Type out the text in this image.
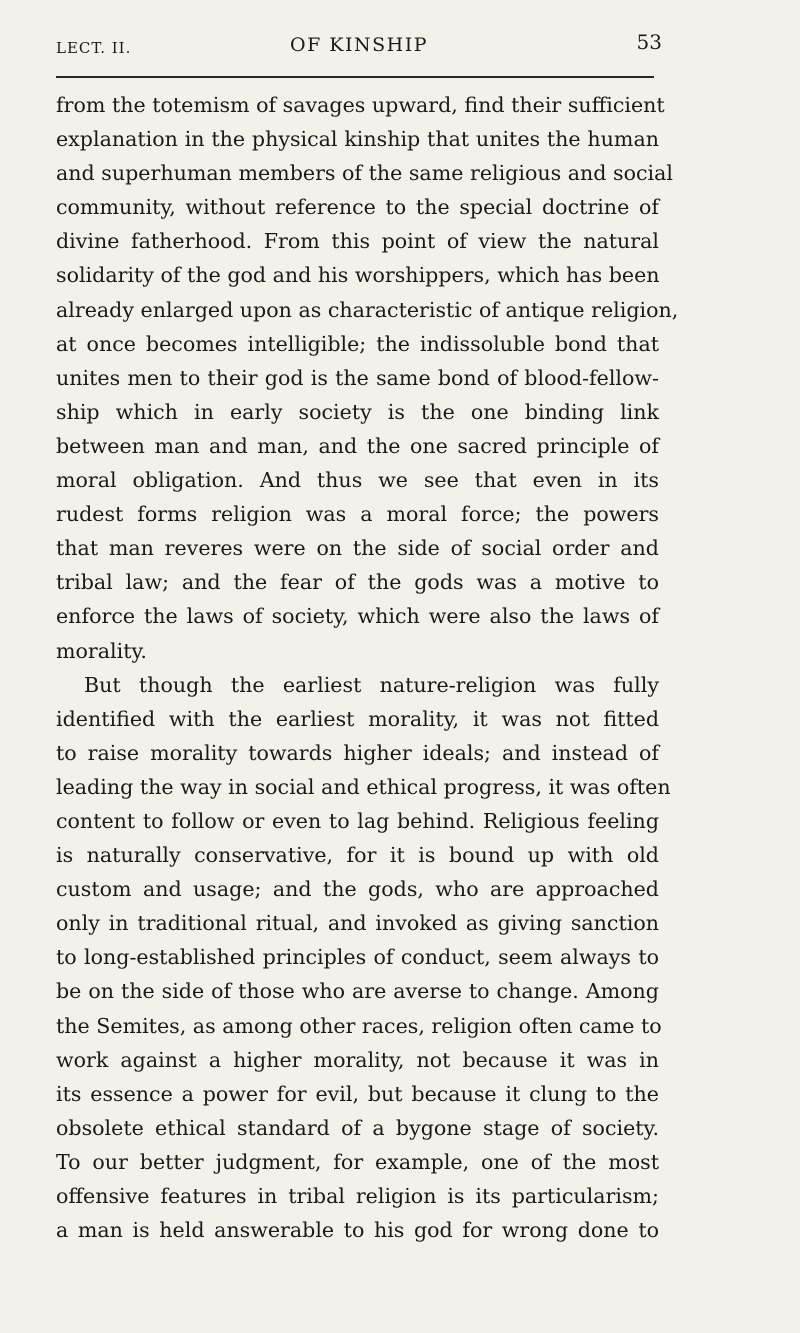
LECT. II.	OF KINSHIP	53
from the totemism of savages upward, find their sufficient
explanation in the physical kinship that unites the human
and superhuman members of the same religious and social
community, without reference to the special doctrine of
divine fatherhood. From this point of view the natural
solidarity of the god and his worshippers, which has been
already enlarged upon as characteristic of antique religion,
at once becomes intelligible; the indissoluble bond that
unites men to their god is the same bond of blood-fellow-
ship which in early society is the one binding link
between man and man, and the one sacred principle of
moral obligation. And thus we see that even in its
rudest forms religion was a moral force; the powers
that man reveres were on the side of social order and
tribal law; and the fear of the gods was a motive to
enforce the laws of society, which were also the laws of
morality.
But though the earliest nature-religion was fully
identified with the earliest morality, it was not fitted
to raise morality towards higher ideals; and instead of
leading the way in social and ethical progress, it was often
content to follow or even to lag behind. Religious feeling
is naturally conservative, for it is bound up with old
custom and usage; and the gods, who are approached
only in traditional ritual, and invoked as giving sanction
to long-established principles of conduct, seem always to
be on the side of those who are averse to change. Among
the Semites, as among other races, religion often came to
work against a higher morality, not because it was in
its essence a power for evil, but because it clung to the
obsolete ethical standard of a bygone stage of society.
To our better judgment, for example, one of the most
offensive features in tribal religion is its particularism;
a man is held answerable to his god for wrong done to
